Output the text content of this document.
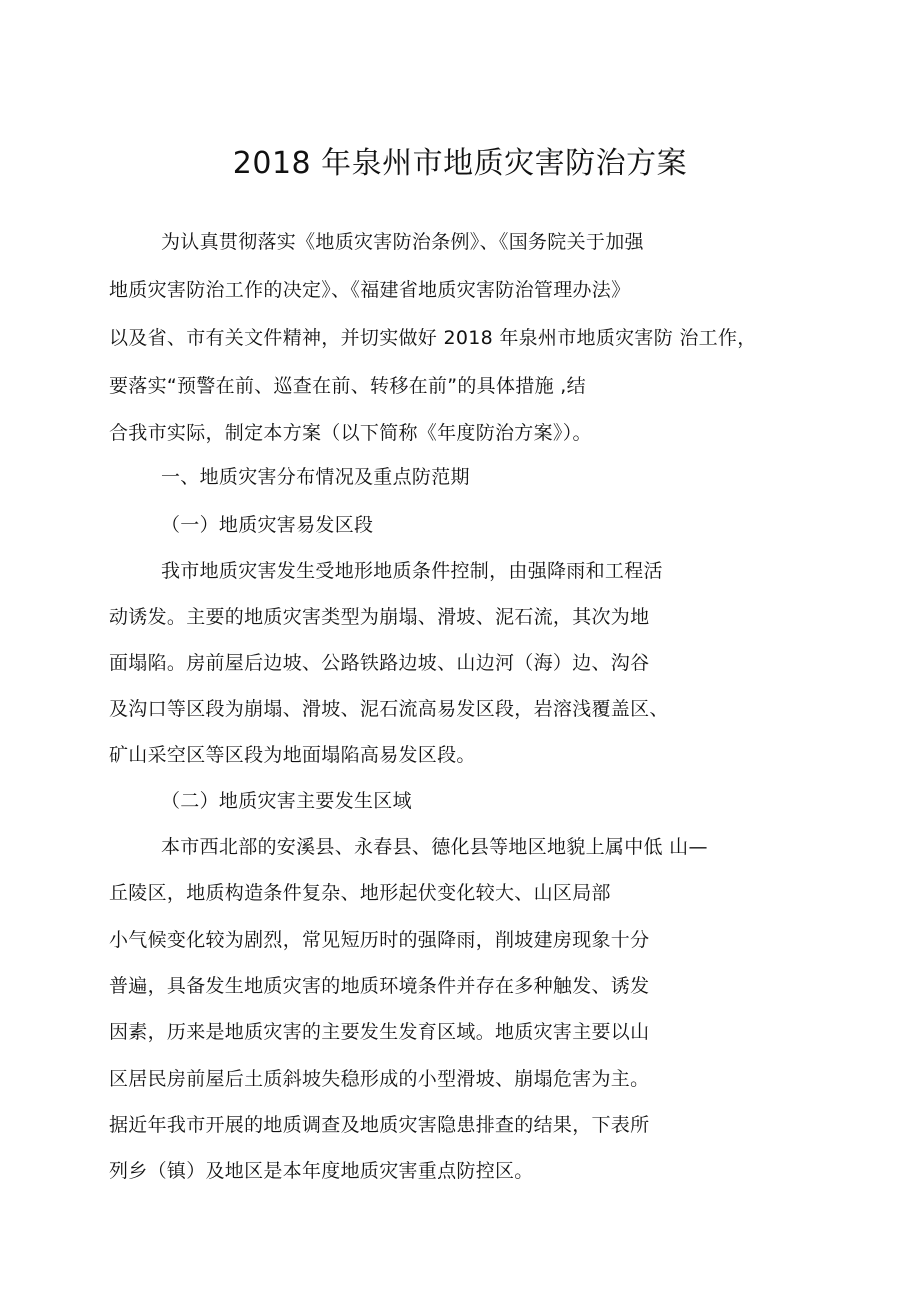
2018 年泉州市地质灾害防治方案
为认真贯彻落实《地质灾害防治条例》、《国务院关于加强
地质灾害防治工作的决定》、《福建省地质灾害防治管理办法》
以及省、市有关文件精神，并切实做好 2018 年泉州市地质灾害防 治工作，
要落实“预警在前、巡查在前、转移在前”的具体措施 ,结
合我市实际，制定本方案（以下简称《年度防治方案》）。
一、地质灾害分布情况及重点防范期
（一）地质灾害易发区段
我市地质灾害发生受地形地质条件控制，由强降雨和工程活
动诱发。主要的地质灾害类型为崩塌、滑坡、泥石流，其次为地
面塌陷。房前屋后边坡、公路铁路边坡、山边河（海）边、沟谷
及沟口等区段为崩塌、滑坡、泥石流高易发区段，岩溶浅覆盖区、
矿山采空区等区段为地面塌陷高易发区段。
（二）地质灾害主要发生区域
本市西北部的安溪县、永春县、德化县等地区地貌上属中低 山—
丘陵区，地质构造条件复杂、地形起伏变化较大、山区局部
小气候变化较为剧烈，常见短历时的强降雨，削坡建房现象十分
普遍，具备发生地质灾害的地质环境条件并存在多种触发、诱发
因素，历来是地质灾害的主要发生发育区域。地质灾害主要以山
区居民房前屋后土质斜坡失稳形成的小型滑坡、崩塌危害为主。
据近年我市开展的地质调查及地质灾害隐患排查的结果，下表所
列乡（镇）及地区是本年度地质灾害重点防控区。
